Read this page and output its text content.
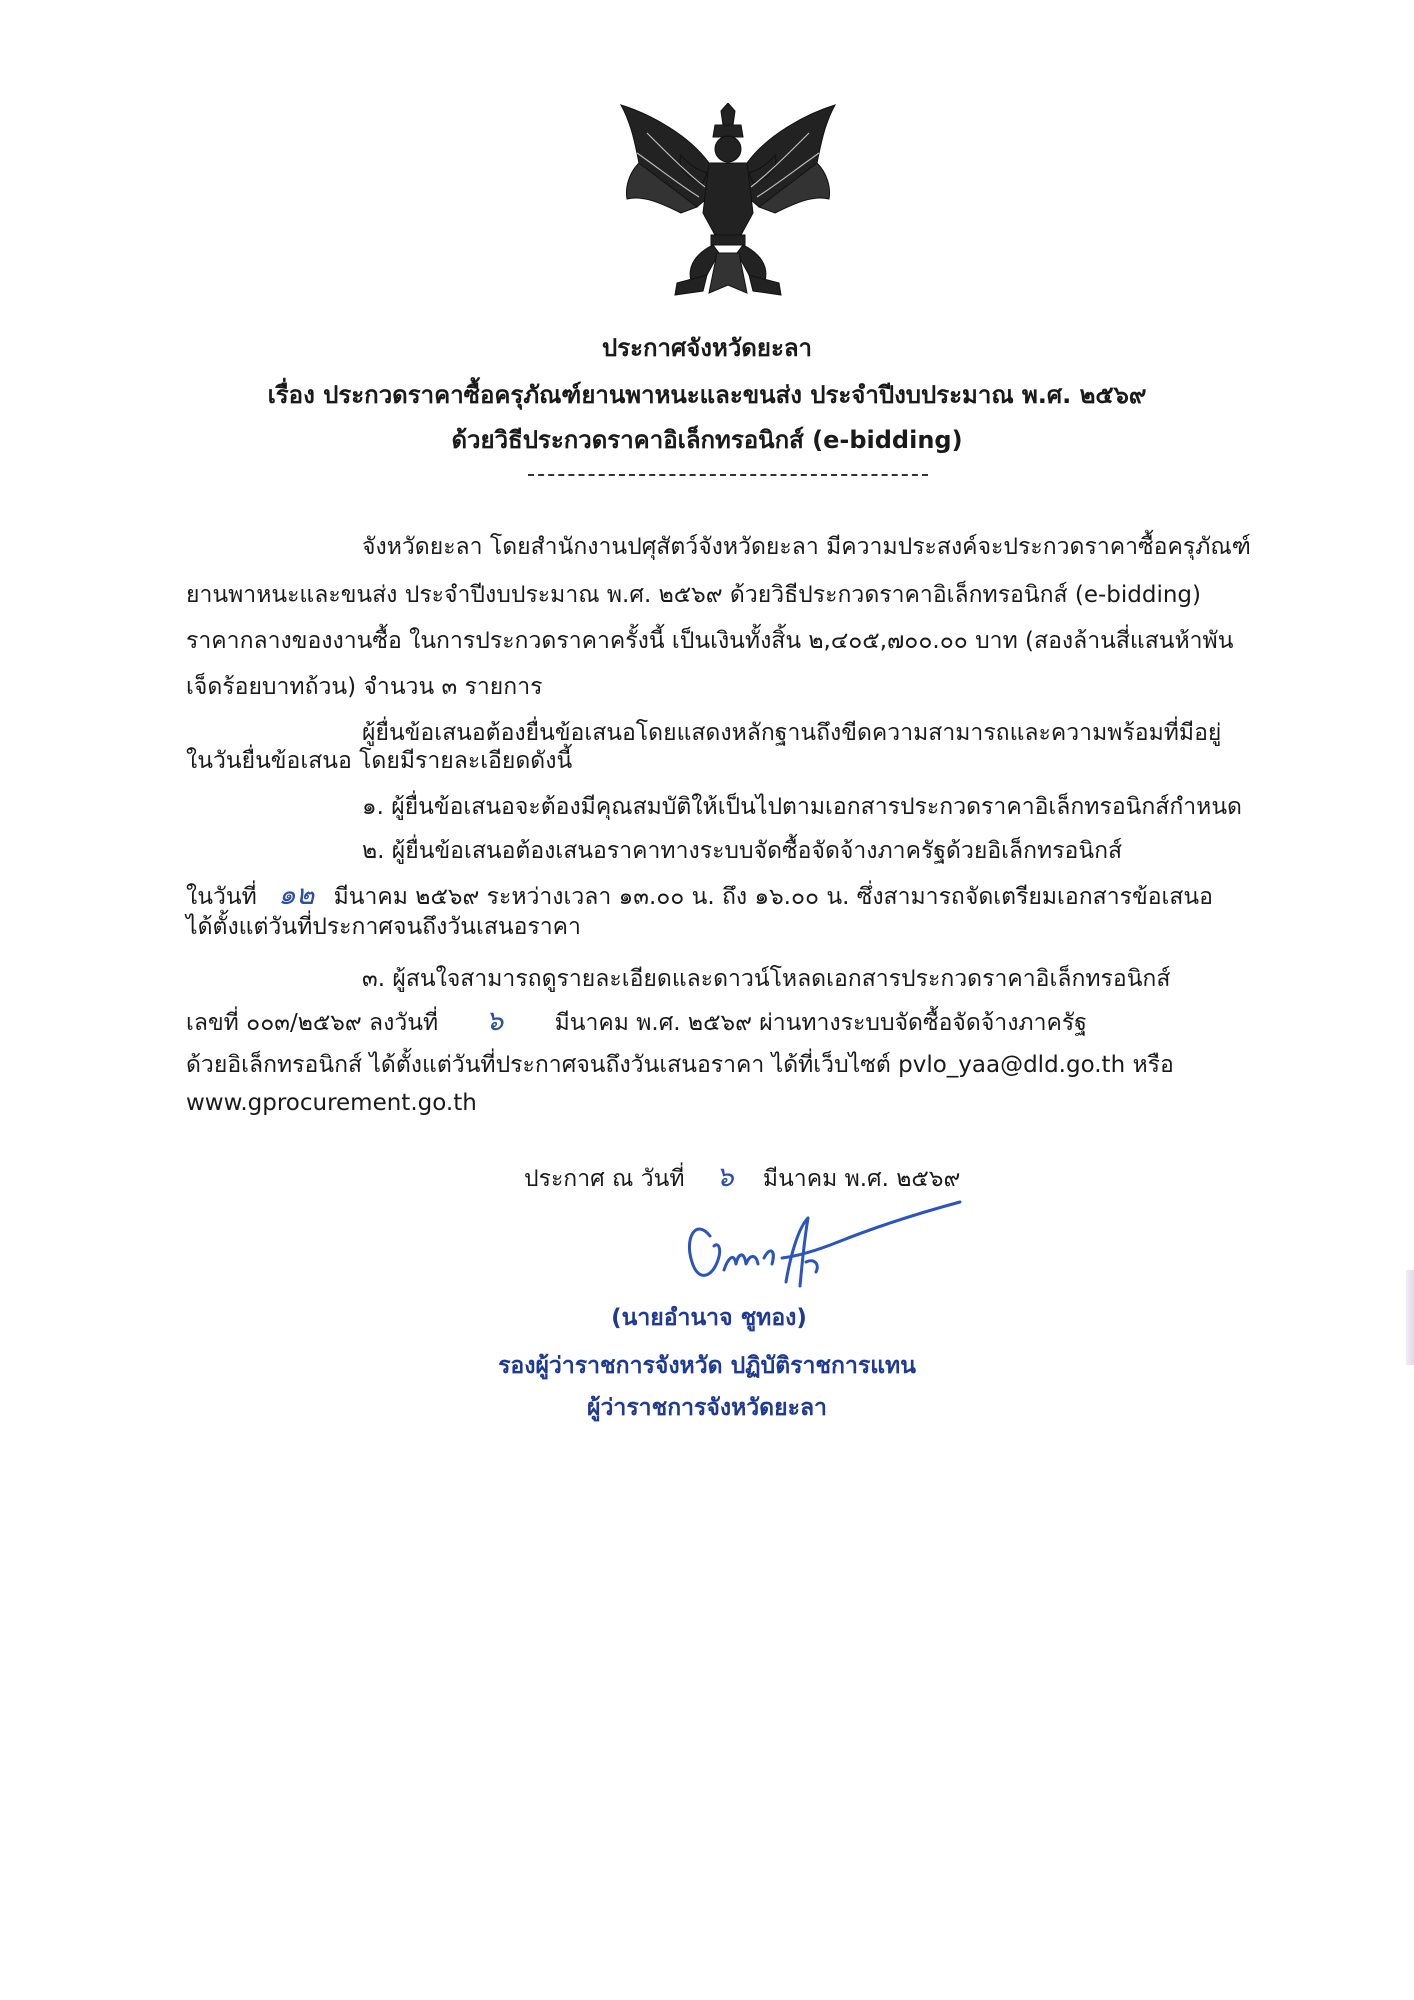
ประกาศจังหวัดยะลา
เรื่อง ประกวดราคาซื้อครุภัณฑ์ยานพาหนะและขนส่ง ประจำปีงบประมาณ พ.ศ. ๒๕๖๙
ด้วยวิธีประกวดราคาอิเล็กทรอนิกส์ (e-bidding)
จังหวัดยะลา โดยสำนักงานปศุสัตว์จังหวัดยะลา มีความประสงค์จะประกวดราคาซื้อครุภัณฑ์
ยานพาหนะและขนส่ง ประจำปีงบประมาณ พ.ศ. ๒๕๖๙ ด้วยวิธีประกวดราคาอิเล็กทรอนิกส์ (e-bidding)
ราคากลางของงานซื้อ ในการประกวดราคาครั้งนี้ เป็นเงินทั้งสิ้น ๒,๔๐๕,๗๐๐.๐๐ บาท (สองล้านสี่แสนห้าพัน
เจ็ดร้อยบาทถ้วน) จำนวน ๓ รายการ
ผู้ยื่นข้อเสนอต้องยื่นข้อเสนอโดยแสดงหลักฐานถึงขีดความสามารถและความพร้อมที่มีอยู่
ในวันยื่นข้อเสนอ โดยมีรายละเอียดดังนี้
๑. ผู้ยื่นข้อเสนอจะต้องมีคุณสมบัติให้เป็นไปตามเอกสารประกวดราคาอิเล็กทรอนิกส์กำหนด
๒. ผู้ยื่นข้อเสนอต้องเสนอราคาทางระบบจัดซื้อจัดจ้างภาครัฐด้วยอิเล็กทรอนิกส์
ในวันที่ ๑๒ มีนาคม ๒๕๖๙ ระหว่างเวลา ๑๓.๐๐ น. ถึง ๑๖.๐๐ น. ซึ่งสามารถจัดเตรียมเอกสารข้อเสนอ
ได้ตั้งแต่วันที่ประกาศจนถึงวันเสนอราคา
๓. ผู้สนใจสามารถดูรายละเอียดและดาวน์โหลดเอกสารประกวดราคาอิเล็กทรอนิกส์
เลขที่ ๐๐๓/๒๕๖๙ ลงวันที่ ๖ มีนาคม พ.ศ. ๒๕๖๙ ผ่านทางระบบจัดซื้อจัดจ้างภาครัฐ
ด้วยอิเล็กทรอนิกส์ ได้ตั้งแต่วันที่ประกาศจนถึงวันเสนอราคา ได้ที่เว็บไซต์ pvlo_yaa@dld.go.th หรือ
www.gprocurement.go.th
ประกาศ ณ วันที่ ๖ มีนาคม พ.ศ. ๒๕๖๙
(นายอำนาจ ชูทอง)
รองผู้ว่าราชการจังหวัด ปฏิบัติราชการแทน
ผู้ว่าราชการจังหวัดยะลา
